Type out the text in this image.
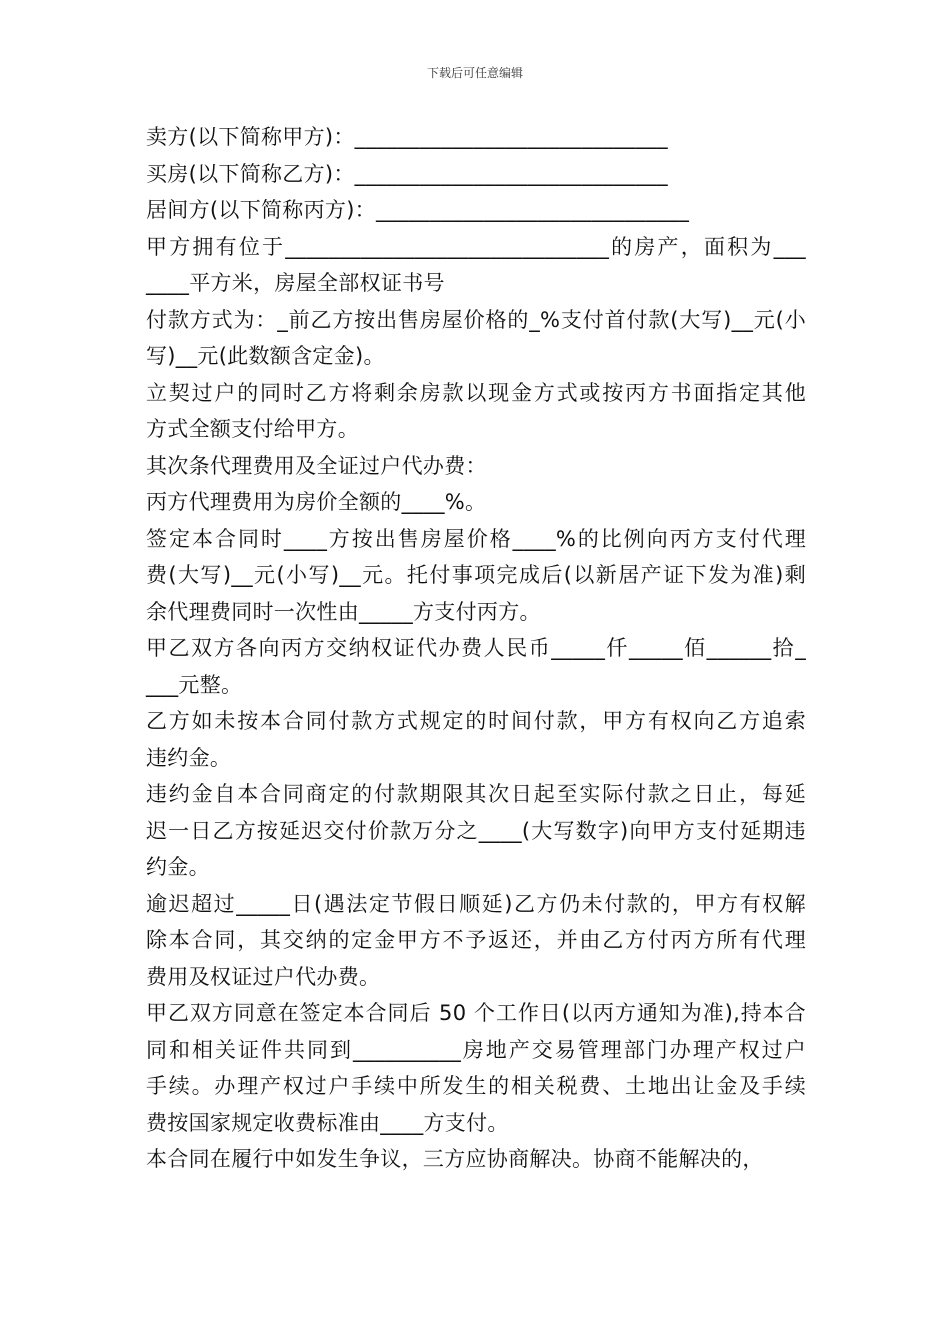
下载后可任意编辑
卖方(以下简称甲方)：_____________________________
买房(以下简称乙方)：_____________________________
居间方(以下简称丙方)：_____________________________
甲方拥有位于______________________________的房产，面积为___
____平方米，房屋全部权证书号
付款方式为：_前乙方按出售房屋价格的_%支付首付款(大写)__元(小
写)__元(此数额含定金)。
立契过户的同时乙方将剩余房款以现金方式或按丙方书面指定其他
方式全额支付给甲方。
其次条代理费用及全证过户代办费：
丙方代理费用为房价全额的____%。
签定本合同时____方按出售房屋价格____%的比例向丙方支付代理
费(大写)__元(小写)__元。托付事项完成后(以新居产证下发为准)剩
余代理费同时一次性由_____方支付丙方。
甲乙双方各向丙方交纳权证代办费人民币_____仟_____佰______拾_
___元整。
乙方如未按本合同付款方式规定的时间付款，甲方有权向乙方追索
违约金。
违约金自本合同商定的付款期限其次日起至实际付款之日止，每延
迟一日乙方按延迟交付价款万分之____(大写数字)向甲方支付延期违
约金。
逾迟超过_____日(遇法定节假日顺延)乙方仍未付款的，甲方有权解
除本合同，其交纳的定金甲方不予返还，并由乙方付丙方所有代理
费用及权证过户代办费。
甲乙双方同意在签定本合同后 50 个工作日(以丙方通知为准),持本合
同和相关证件共同到__________房地产交易管理部门办理产权过户
手续。办理产权过户手续中所发生的相关税费、土地出让金及手续
费按国家规定收费标准由____方支付。
本合同在履行中如发生争议，三方应协商解决。协商不能解决的，
